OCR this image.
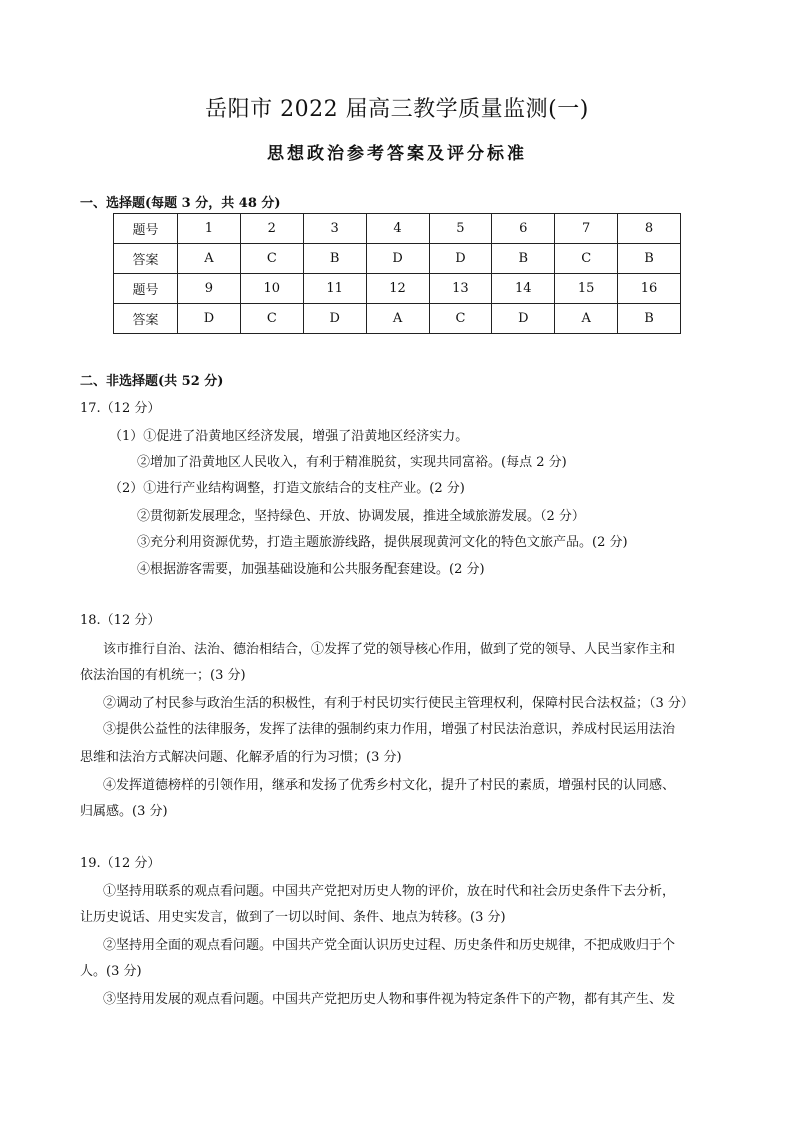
岳阳市 2022 届高三教学质量监测(一)
思想政治参考答案及评分标准
一、选择题(每题 3 分，共 48 分)
题号	1	2	3	4	5	6	7	8
答案	A	C	B	D	D	B	C	B
题号	9	10	11	12	13	14	15	16
答案	D	C	D	A	C	D	A	B
二、非选择题(共 52 分)
17.（12 分）
（1）①促进了沿黄地区经济发展，增强了沿黄地区经济实力。
②增加了沿黄地区人民收入，有利于精准脱贫，实现共同富裕。(每点 2 分)
（2）①进行产业结构调整，打造文旅结合的支柱产业。(2 分)
②贯彻新发展理念，坚持绿色、开放、协调发展，推进全域旅游发展。（2 分）
③充分利用资源优势，打造主题旅游线路，提供展现黄河文化的特色文旅产品。(2 分)
④根据游客需要，加强基础设施和公共服务配套建设。(2 分)
18.（12 分）
该市推行自治、法治、德治相结合，①发挥了党的领导核心作用，做到了党的领导、人民当家作主和
依法治国的有机统一；(3 分)
②调动了村民参与政治生活的积极性，有利于村民切实行使民主管理权利，保障村民合法权益；（3 分）
③提供公益性的法律服务，发挥了法律的强制约束力作用，增强了村民法治意识，养成村民运用法治
思维和法治方式解决问题、化解矛盾的行为习惯；(3 分)
④发挥道德榜样的引领作用，继承和发扬了优秀乡村文化，提升了村民的素质，增强村民的认同感、
归属感。(3 分)
19.（12 分）
①坚持用联系的观点看问题。中国共产党把对历史人物的评价，放在时代和社会历史条件下去分析，
让历史说话、用史实发言，做到了一切以时间、条件、地点为转移。(3 分)
②坚持用全面的观点看问题。中国共产党全面认识历史过程、历史条件和历史规律，不把成败归于个
人。(3 分)
③坚持用发展的观点看问题。中国共产党把历史人物和事件视为特定条件下的产物，都有其产生、发
